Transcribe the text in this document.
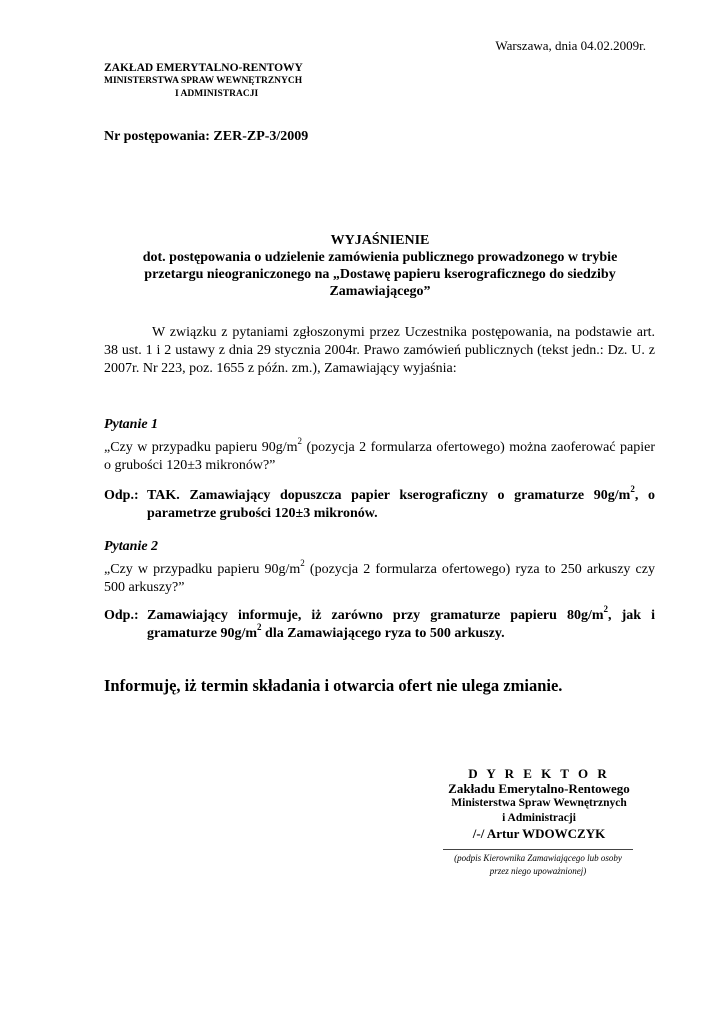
Warszawa, dnia 04.02.2009r.
ZAKŁAD EMERYTALNO-RENTOWY
MINISTERSTWA SPRAW WEWNĘTRZNYCH
I ADMINISTRACJI
Nr postępowania: ZER-ZP-3/2009
WYJAŚNIENIE
dot. postępowania o udzielenie zamówienia publicznego prowadzonego w trybie
przetargu nieograniczonego na „Dostawę papieru kserograficznego do siedziby
Zamawiającego”
W związku z pytaniami zgłoszonymi przez Uczestnika postępowania, na podstawie art. 38 ust. 1 i 2 ustawy z dnia 29 stycznia 2004r. Prawo zamówień publicznych (tekst jedn.: Dz. U. z 2007r. Nr 223, poz. 1655 z późn. zm.), Zamawiający wyjaśnia:
Pytanie 1
„Czy w przypadku papieru $90g/m^2$ (pozycja 2 formularza ofertowego) można zaoferować papier o grubości 120±3 mikronów?”
Odp.: TAK. Zamawiający dopuszcza papier kserograficzny o gramaturze $90g/m^2$, o parametrze grubości 120±3 mikronów.
Pytanie 2
„Czy w przypadku papieru $90g/m^2$ (pozycja 2 formularza ofertowego) ryza to 250 arkuszy czy 500 arkuszy?”
Odp.: Zamawiający informuje, iż zarówno przy gramaturze papieru $80g/m^2$, jak i gramaturze $90g/m^2$ dla Zamawiającego ryza to 500 arkuszy.
Informuję, iż termin składania i otwarcia ofert nie ulega zmianie.
D Y R E K T O R
Zakładu Emerytalno-Rentowego
Ministerstwa Spraw Wewnętrznych
i Administracji
/-/ Artur WDOWCZYK
(podpis Kierownika Zamawiającego lub osoby
przez niego upoważnionej)
